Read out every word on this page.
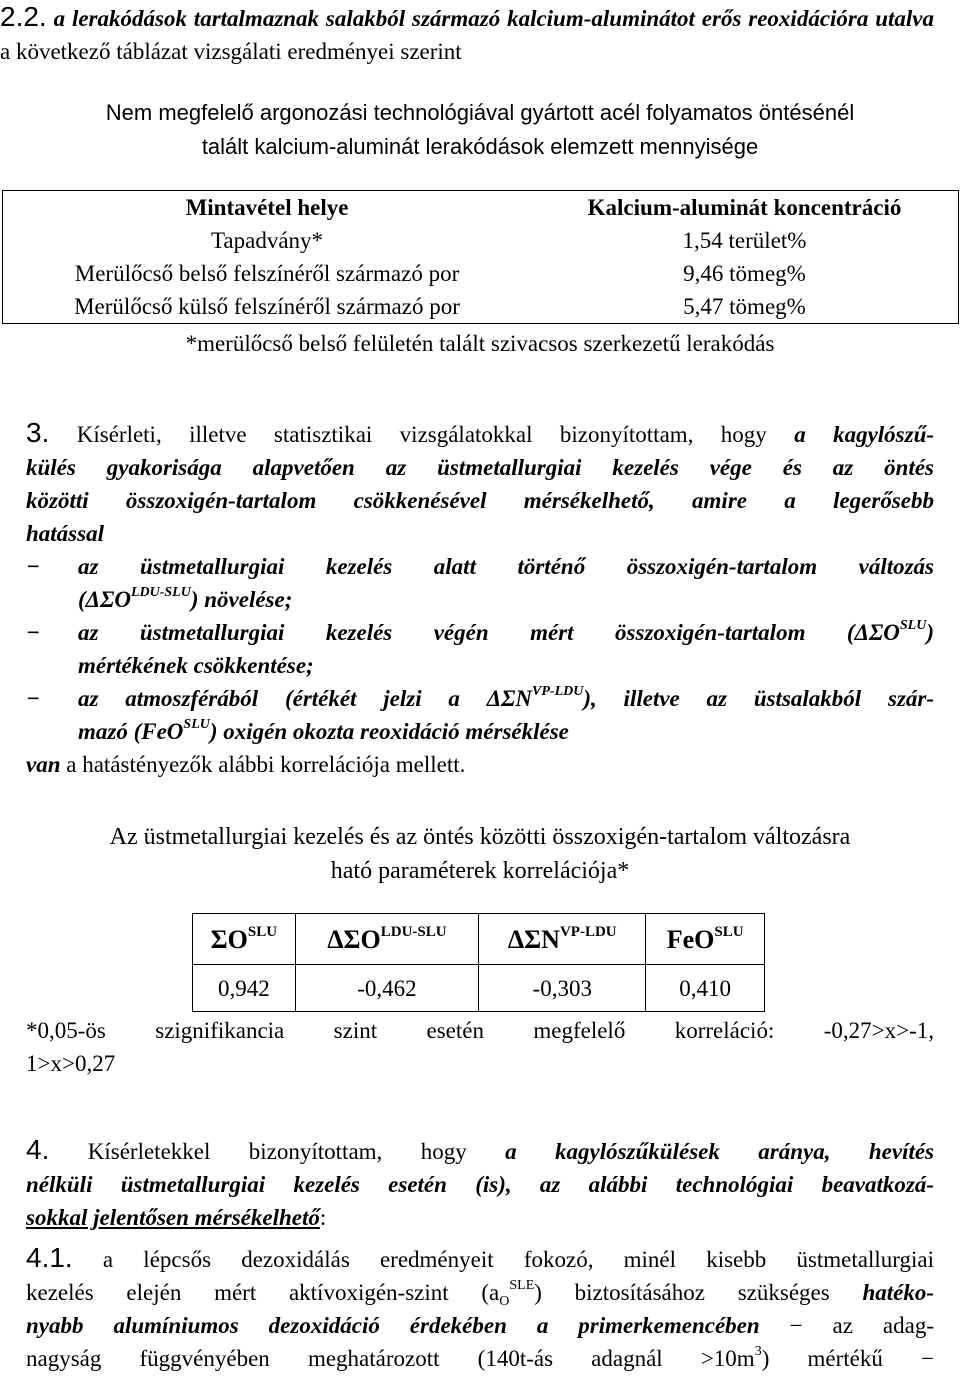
2.2. a lerakódások tartalmaznak salakból származó kalcium-aluminátot erős reoxidációra utalva a következő táblázat vizsgálati eredményei szerint
Nem megfelelő argonozási technológiával gyártott acél folyamatos öntésénél
talált kalcium-aluminát lerakódások elemzett mennyisége
Mintavétel helye	Kalcium-aluminát koncentráció
Tapadvány*	1,54 terület%
Merülőcső belső felszínéről származó por	9,46 tömeg%
Merülőcső külső felszínéről származó por	5,47 tömeg%
*merülőcső belső felületén talált szivacsos szerkezetű lerakódás
3. Kísérleti, illetve statisztikai vizsgálatokkal bizonyítottam, hogy a kagylószű-
külés gyakorisága alapvetően az üstmetallurgiai kezelés vége és az öntés
közötti összoxigén-tartalom csökkenésével mérsékelhető, amire a legerősebb
hatással
−	az üstmetallurgiai kezelés alatt történő összoxigén-tartalom változás
$(\Delta\Sigma O^{LDU-SLU})$ növelése;
−	az üstmetallurgiai kezelés végén mért összoxigén-tartalom $(\Delta\Sigma O^{SLU})$
mértékének csökkentése;
−	az atmoszférából (értékét jelzi a $\Delta\Sigma N^{VP-LDU}$), illetve az üstsalakból szár-
mazó (FeO$^{SLU}$) oxigén okozta reoxidáció mérséklése
van a hatástényezők alábbi korrelációja mellett.
Az üstmetallurgiai kezelés és az öntés közötti összoxigén-tartalom változásra
ható paraméterek korrelációja*
$\Sigma O^{SLU}$	$\Delta\Sigma O^{LDU-SLU}$	$\Delta\Sigma N^{VP-LDU}$	FeO$^{SLU}$
0,942	-0,462	-0,303	0,410
*0,05-ös szignifikancia szint esetén megfelelő korreláció: -0,27>x>-1,
1>x>0,27
4. Kísérletekkel bizonyítottam, hogy a kagylószűkülések aránya, hevítés
nélküli üstmetallurgiai kezelés esetén (is), az alábbi technológiai beavatkozá-
sokkal jelentősen mérsékelhető:
4.1. a lépcsős dezoxidálás eredményeit fokozó, minél kisebb üstmetallurgiai
kezelés elején mért aktívoxigén-szint $(a_O^{SLE})$ biztosításához szükséges hatéko-
nyabb alumíniumos dezoxidáció érdekében a primerkemencében − az adag-
nagyság függvényében meghatározott (140t-ás adagnál $>10m^3$) mértékű −
